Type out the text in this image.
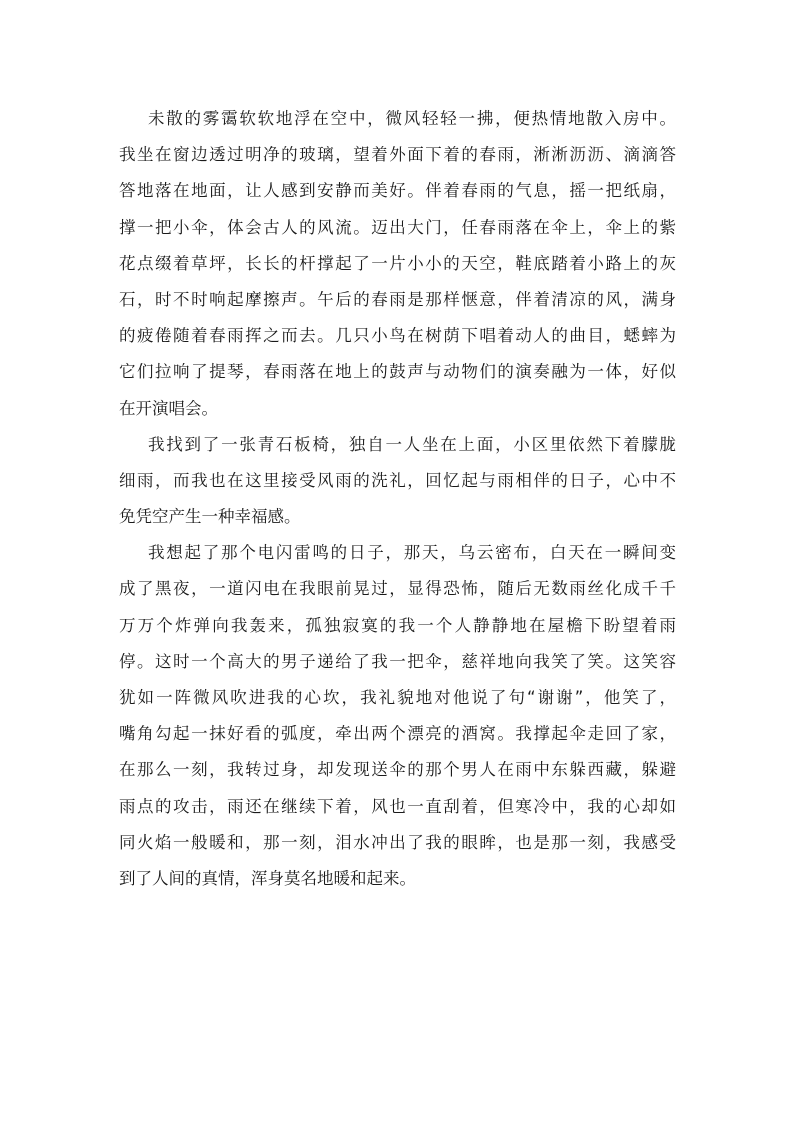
未散的雾霭软软地浮在空中，微风轻轻一拂，便热情地散入房中。
我坐在窗边透过明净的玻璃，望着外面下着的春雨，淅淅沥沥、滴滴答
答地落在地面，让人感到安静而美好。伴着春雨的气息，摇一把纸扇，
撑一把小伞，体会古人的风流。迈出大门，任春雨落在伞上，伞上的紫
花点缀着草坪，长长的杆撑起了一片小小的天空，鞋底踏着小路上的灰
石，时不时响起摩擦声。午后的春雨是那样惬意，伴着清凉的风，满身
的疲倦随着春雨挥之而去。几只小鸟在树荫下唱着动人的曲目，蟋蟀为
它们拉响了提琴，春雨落在地上的鼓声与动物们的演奏融为一体，好似
在开演唱会。
我找到了一张青石板椅，独自一人坐在上面，小区里依然下着朦胧
细雨，而我也在这里接受风雨的洗礼，回忆起与雨相伴的日子，心中不
免凭空产生一种幸福感。
我想起了那个电闪雷鸣的日子，那天，乌云密布，白天在一瞬间变
成了黑夜，一道闪电在我眼前晃过，显得恐怖，随后无数雨丝化成千千
万万个炸弹向我轰来，孤独寂寞的我一个人静静地在屋檐下盼望着雨
停。这时一个高大的男子递给了我一把伞，慈祥地向我笑了笑。这笑容
犹如一阵微风吹进我的心坎，我礼貌地对他说了句“谢谢”，他笑了，
嘴角勾起一抹好看的弧度，牵出两个漂亮的酒窝。我撑起伞走回了家，
在那么一刻，我转过身，却发现送伞的那个男人在雨中东躲西藏，躲避
雨点的攻击，雨还在继续下着，风也一直刮着，但寒冷中，我的心却如
同火焰一般暖和，那一刻，泪水冲出了我的眼眸，也是那一刻，我感受
到了人间的真情，浑身莫名地暖和起来。
